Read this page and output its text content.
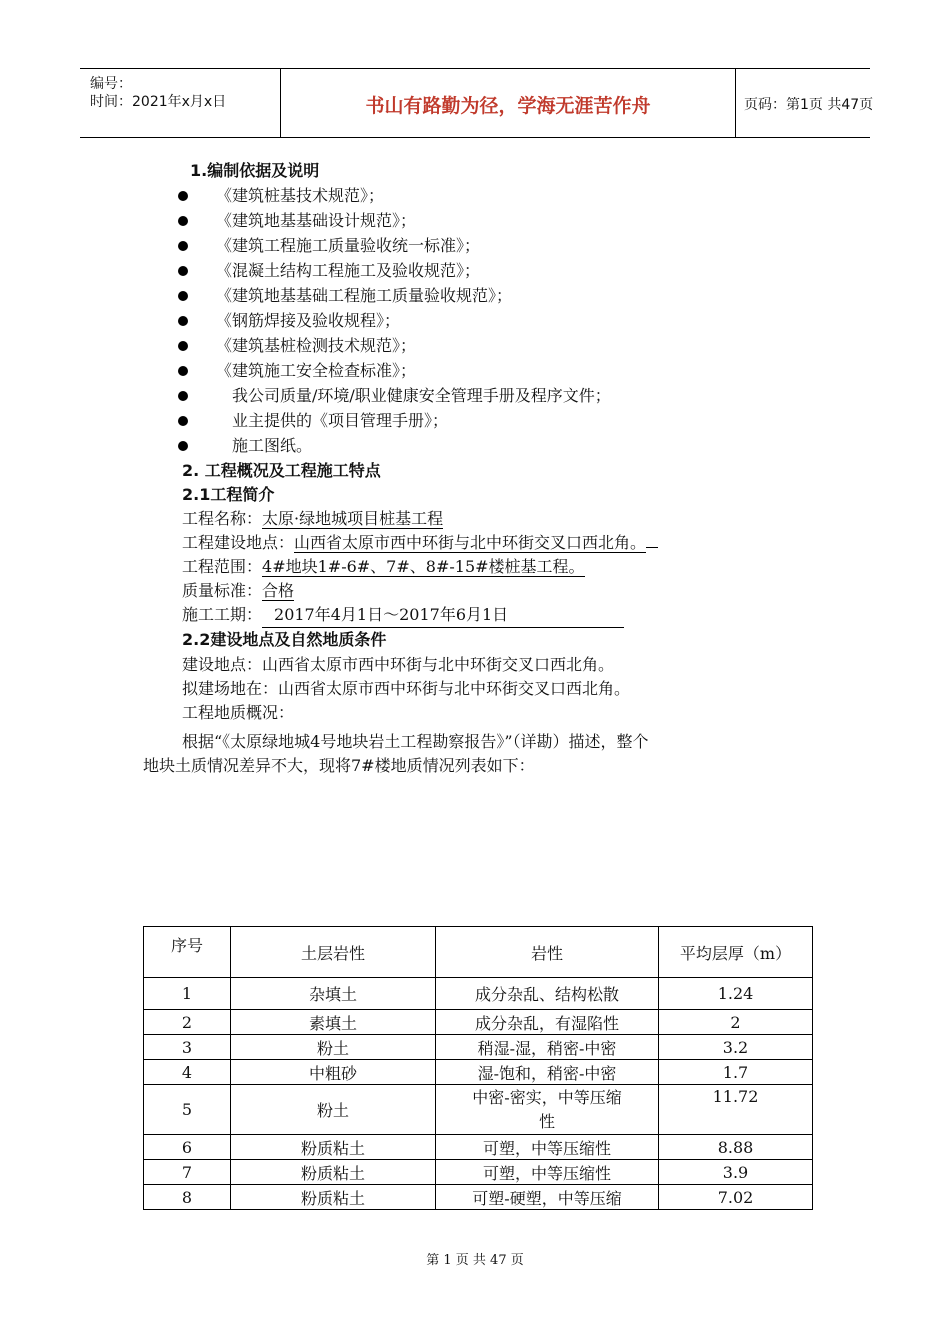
编号：
时间：2021年x月x日	书山有路勤为径，学海无涯苦作舟	页码：第1页 共47页
1.编制依据及说明
《建筑桩基技术规范》；
《建筑地基基础设计规范》；
《建筑工程施工质量验收统一标准》；
《混凝土结构工程施工及验收规范》；
《建筑地基基础工程施工质量验收规范》；
《钢筋焊接及验收规程》；
《建筑基桩检测技术规范》；
《建筑施工安全检查标准》；
我公司质量/环境/职业健康安全管理手册及程序文件；
业主提供的《项目管理手册》；
施工图纸。
2. 工程概况及工程施工特点
2.1工程简介
工程名称：太原·绿地城项目桩基工程
工程建设地点：山西省太原市西中环街与北中环街交叉口西北角。
工程范围：4#地块1#-6#、7#、8#-15#楼桩基工程。
质量标准：合格
施工工期： 2017年4月1日～2017年6月1日
2.2建设地点及自然地质条件
建设地点：山西省太原市西中环街与北中环街交叉口西北角。
拟建场地在：山西省太原市西中环街与北中环街交叉口西北角。
工程地质概况：
根据“《太原绿地城4号地块岩土工程勘察报告》”（详勘）描述，整个
地块土质情况差异不大，现将7#楼地质情况列表如下：
序号	土层岩性	岩性	平均层厚（m）
1	杂填土	成分杂乱、结构松散	1.24
2	素填土	成分杂乱，有湿陷性	2
3	粉土	稍湿-湿，稍密-中密	3.2
4	中粗砂	湿-饱和，稍密-中密	1.7
5	粉土	中密-密实，中等压缩
性	11.72
6	粉质粘土	可塑，中等压缩性	8.88
7	粉质粘土	可塑，中等压缩性	3.9
8	粉质粘土	可塑-硬塑，中等压缩	7.02
第 1 页 共 47 页
